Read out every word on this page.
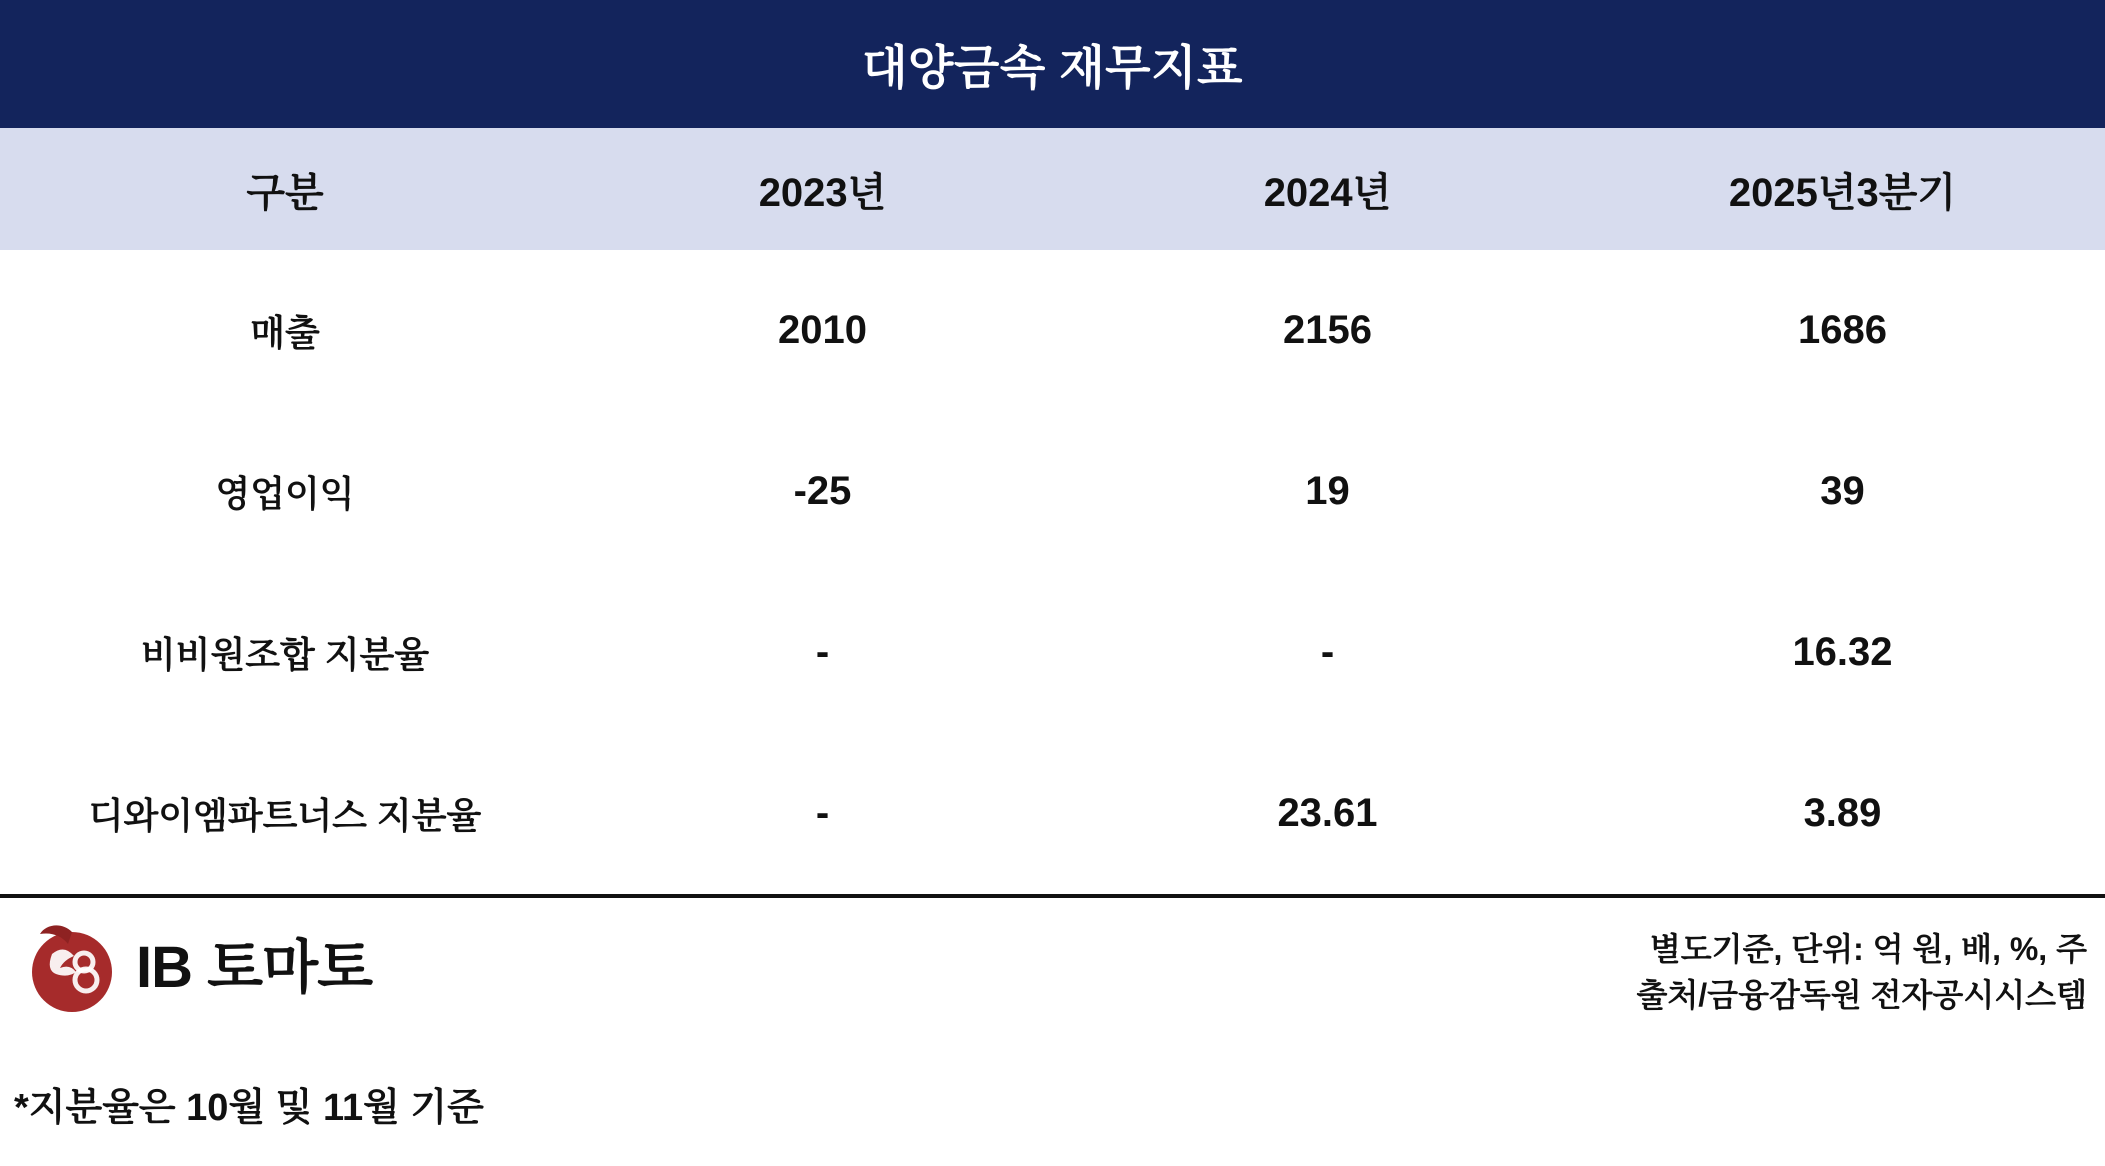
대양금속 재무지표
구분	2023년	2024년	2025년3분기
매출	2010	2156	1686
영업이익	-25	19	39
비비원조합 지분율	-	-	16.32
디와이엠파트너스 지분율	-	23.61	3.89
IB 토마토	별도기준, 단위: 억 원, 배, %, 주
출처/금융감독원 전자공시시스템
*지분율은 10월 및 11월 기준
